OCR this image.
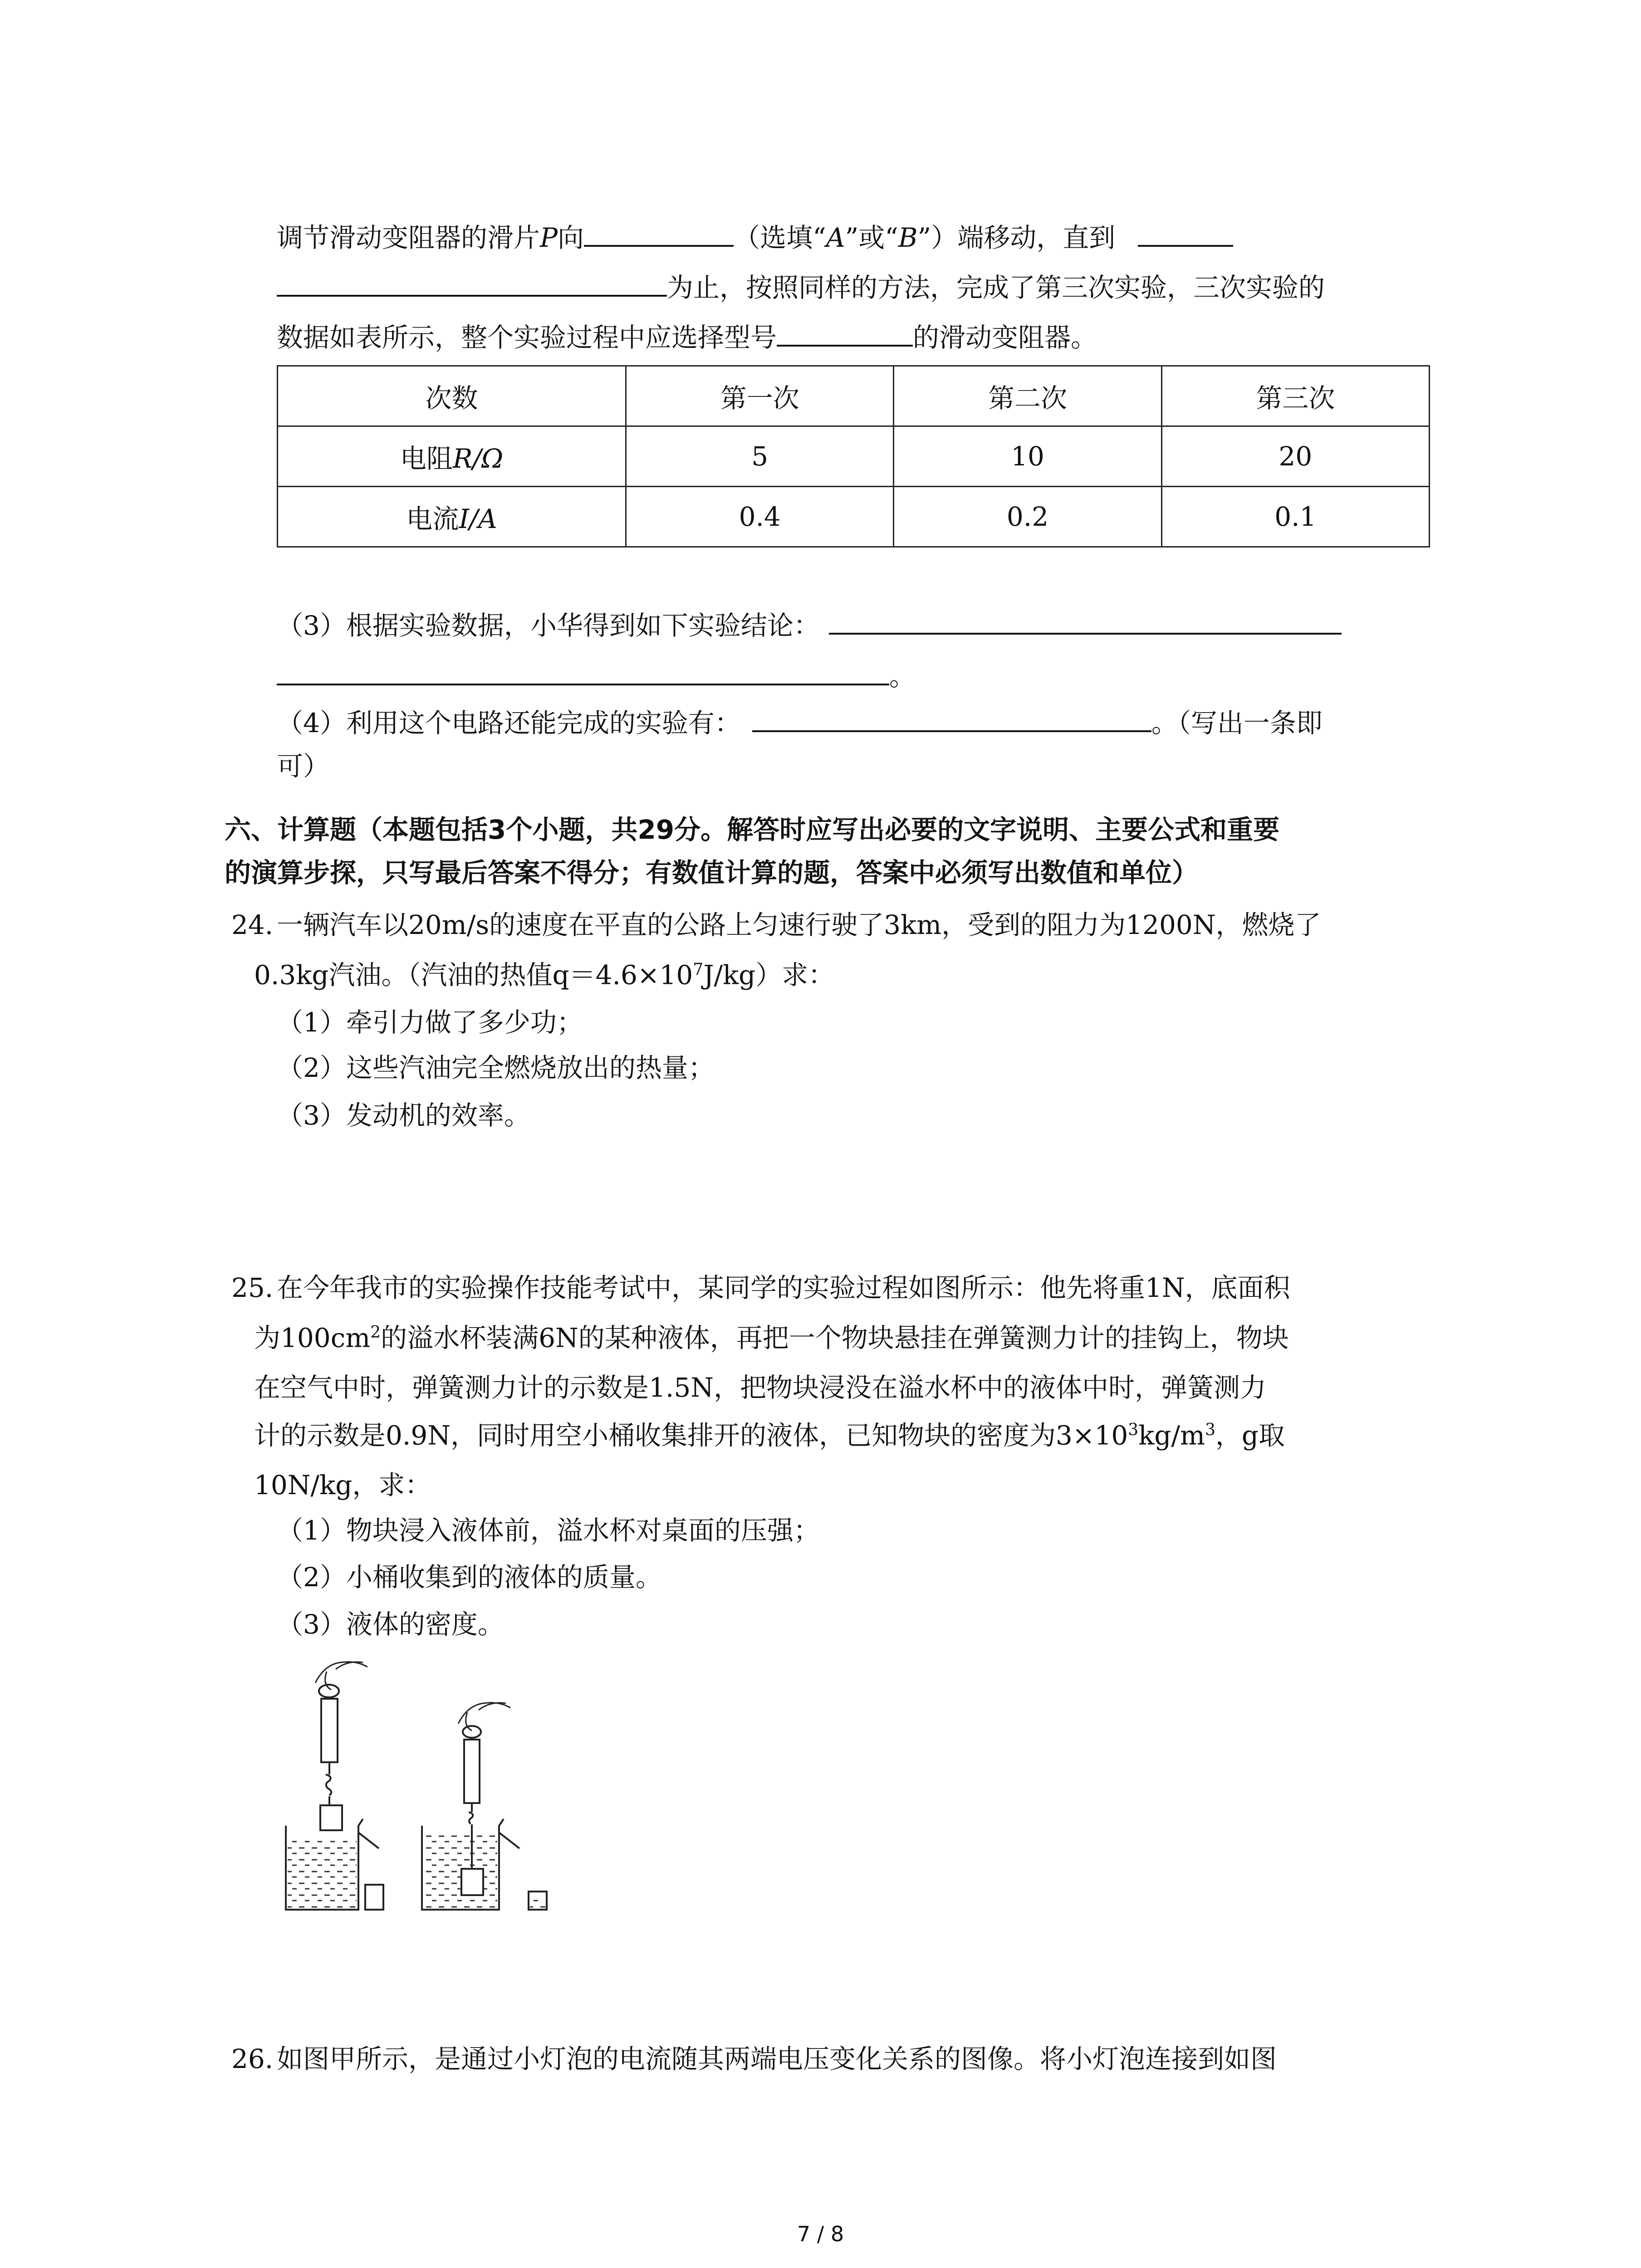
调节滑动变阻器的滑片P向	（选填“A”或“B”）端移动，直到
为止，按照同样的方法，完成了第三次实验，三次实验的
数据如表所示，整个实验过程中应选择型号	的滑动变阻器。
次数	第一次	第二次	第三次
电阻R/Ω	5	10	20
电流I/A	0.4	0.2	0.1
（3）根据实验数据，小华得到如下实验结论：
。
（4）利用这个电路还能完成的实验有：	。（写出一条即
可）
六、计算题（本题包括3个小题，共29分。解答时应写出必要的文字说明、主要公式和重要
的演算步探，只写最后答案不得分；有数值计算的题，答案中必须写出数值和单位）
24. 一辆汽车以20m/s的速度在平直的公路上匀速行驶了3km，受到的阻力为1200N，燃烧了
0.3kg汽油。（汽油的热值$q=4.6\times 10^7J/kg$）求：
（1）牵引力做了多少功；
（2）这些汽油完全燃烧放出的热量；
（3）发动机的效率。
25. 在今年我市的实验操作技能考试中，某同学的实验过程如图所示：他先将重1N，底面积
为$100cm^2$的溢水杯装满6N的某种液体，再把一个物块悬挂在弹簧测力计的挂钩上，物块
在空气中时，弹簧测力计的示数是1.5N，把物块浸没在溢水杯中的液体中时，弹簧测力
计的示数是0.9N，同时用空小桶收集排开的液体，已知物块的密度为$3\times 10^3kg/m^3$，g取
10N/kg，求：
（1）物块浸入液体前，溢水杯对桌面的压强；
（2）小桶收集到的液体的质量。
（3）液体的密度。
26. 如图甲所示，是通过小灯泡的电流随其两端电压变化关系的图像。将小灯泡连接到如图
7 / 8
